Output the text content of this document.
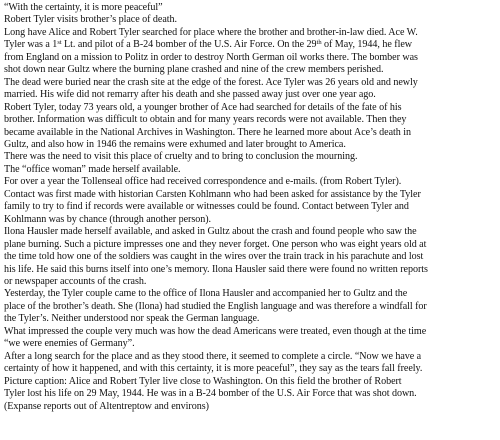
“With the certainty, it is more peaceful”
Robert Tyler visits brother’s place of death.
Long have Alice and Robert Tyler searched for place where the brother and brother-in-law died. Ace W.
Tyler was a 1st Lt. and pilot of a B-24 bomber of the U.S. Air Force. On the 29th of May, 1944, he flew
from England on a mission to Politz in order to destroy North German oil works there. The bomber was
shot down near Gultz where the burning plane crashed and nine of the crew members perished.
The dead were buried near the crash site at the edge of the forest. Ace Tyler was 26 years old and newly
married. His wife did not remarry after his death and she passed away just over one year ago.
Robert Tyler, today 73 years old, a younger brother of Ace had searched for details of the fate of his
brother. Information was difficult to obtain and for many years records were not available. Then they
became available in the National Archives in Washington. There he learned more about Ace’s death in
Gultz, and also how in 1946 the remains were exhumed and later brought to America.
There was the need to visit this place of cruelty and to bring to conclusion the mourning.
The “office woman” made herself available.
For over a year the Tollenseal office had received correspondence and e-mails. (from Robert Tyler).
Contact was first made with historian Carsten Kohlmann who had been asked for assistance by the Tyler
family to try to find if records were available or witnesses could be found. Contact between Tyler and
Kohlmann was by chance (through another person).
Ilona Hausler made herself available, and asked in Gultz about the crash and found people who saw the
plane burning. Such a picture impresses one and they never forget. One person who was eight years old at
the time told how one of the soldiers was caught in the wires over the train track in his parachute and lost
his life. He said this burns itself into one’s memory. Ilona Hausler said there were found no written reports
or newspaper accounts of the crash.
Yesterday, the Tyler couple came to the office of Ilona Hausler and accompanied her to Gultz and the
place of the brother’s death. She (Ilona) had studied the English language and was therefore a windfall for
the Tyler’s. Neither understood nor speak the German language.
What impressed the couple very much was how the dead Americans were treated, even though at the time
“we were enemies of Germany”.
After a long search for the place and as they stood there, it seemed to complete a circle. “Now we have a
certainty of how it happened, and with this certainty, it is more peaceful”, they say as the tears fall freely.
Picture caption: Alice and Robert Tyler live close to Washington. On this field the brother of Robert
Tyler lost his life on 29 May, 1944. He was in a B-24 bomber of the U.S. Air Force that was shot down.
(Expanse reports out of Altentreptow and environs)
